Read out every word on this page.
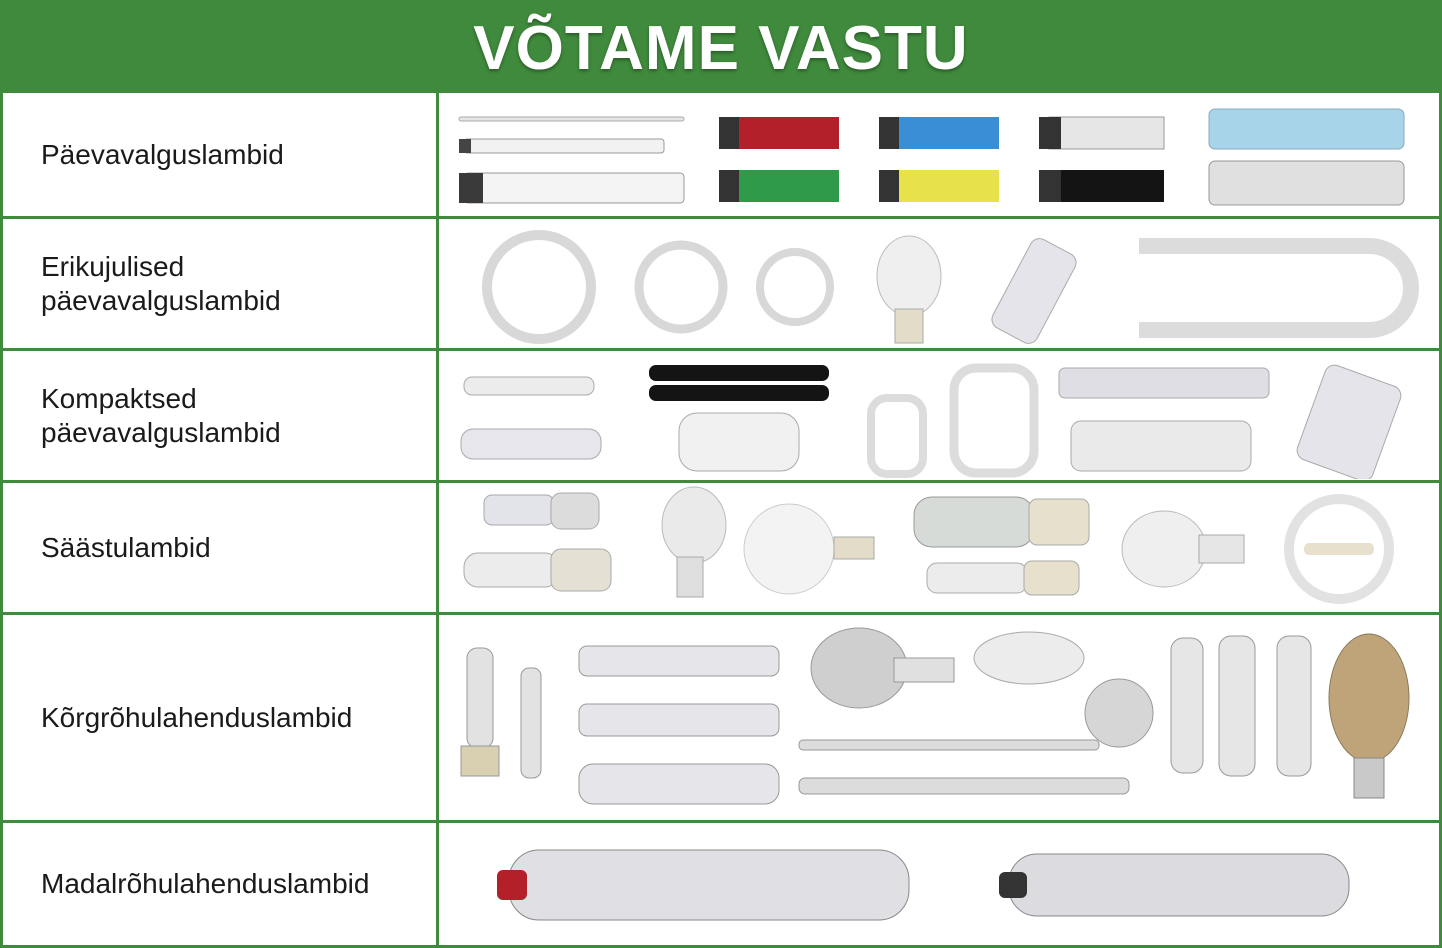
VÕTAME VASTU
Päevavalguslambid	

Erikujulised
päevavalguslambid

Kompaktsed
päevavalguslambid

Säästulambid	

Kõrgrõhulahenduslambid	

Madalrõhulahenduslambid	
